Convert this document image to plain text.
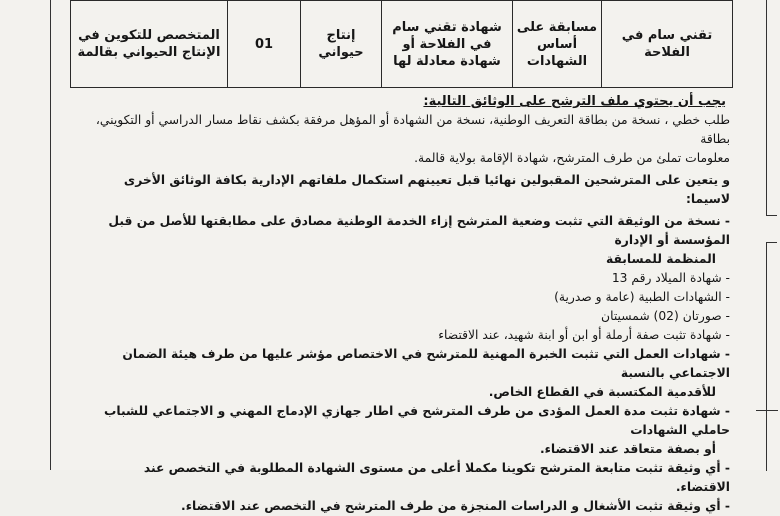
تقني سام في الفلاحة	مسابقة على أساس الشهادات	شهادة تقني سام في الفلاحة أو شهادة معادلة لها	إنتاج حيواني	01	المتخصص للتكوين في الإنتاج الحيواني بقالمة
يجب أن يحتوي ملف الترشح على الوثائق التالية:

طلب خطي ، نسخة من بطاقة التعريف الوطنية، نسخة من الشهادة أو المؤهل مرفقة بكشف نقاط مسار الدراسي أو التكويني، بطاقة

معلومات تملئ من طرف المترشح، شهادة الإقامة بولاية قالمة.

و يتعين على المترشحين المقبولين نهائيا قبل تعيينهم استكمال ملفاتهم الإدارية بكافة الوثائق الأخرى لاسيما:

- نسخة من الوثيقة التي تثبت وضعية المترشح إزاء الخدمة الوطنية مصادق على مطابقتها للأصل من قبل المؤسسة أو الإدارة

المنظمة للمسابقة

- شهادة الميلاد رقم 13

- الشهادات الطبية (عامة و صدرية)

- صورتان (02) شمسيتان

- شهادة تثبت صفة أرملة أو ابن أو ابنة شهيد، عند الاقتضاء

- شهادات العمل التي تثبت الخبرة المهنية للمترشح في الاختصاص مؤشر عليها من طرف هيئة الضمان الاجتماعي بالنسبة

للأقدمية المكتسبة في القطاع الخاص.

- شهادة تثبت مدة العمل المؤدى من طرف المترشح في اطار جهازي الإدماج المهني و الاجتماعي للشباب حاملي الشهادات

أو بصفة متعاقد عند الاقتضاء.

- أي وثيقة تثبت متابعة المترشح تكوينا مكملا أعلى من مستوى الشهادة المطلوبة في التخصص عند الاقتضاء.

- أي وثيقة تثبت الأشغال و الدراسات المنجزة من طرف المترشح في التخصص عند الاقتضاء.
